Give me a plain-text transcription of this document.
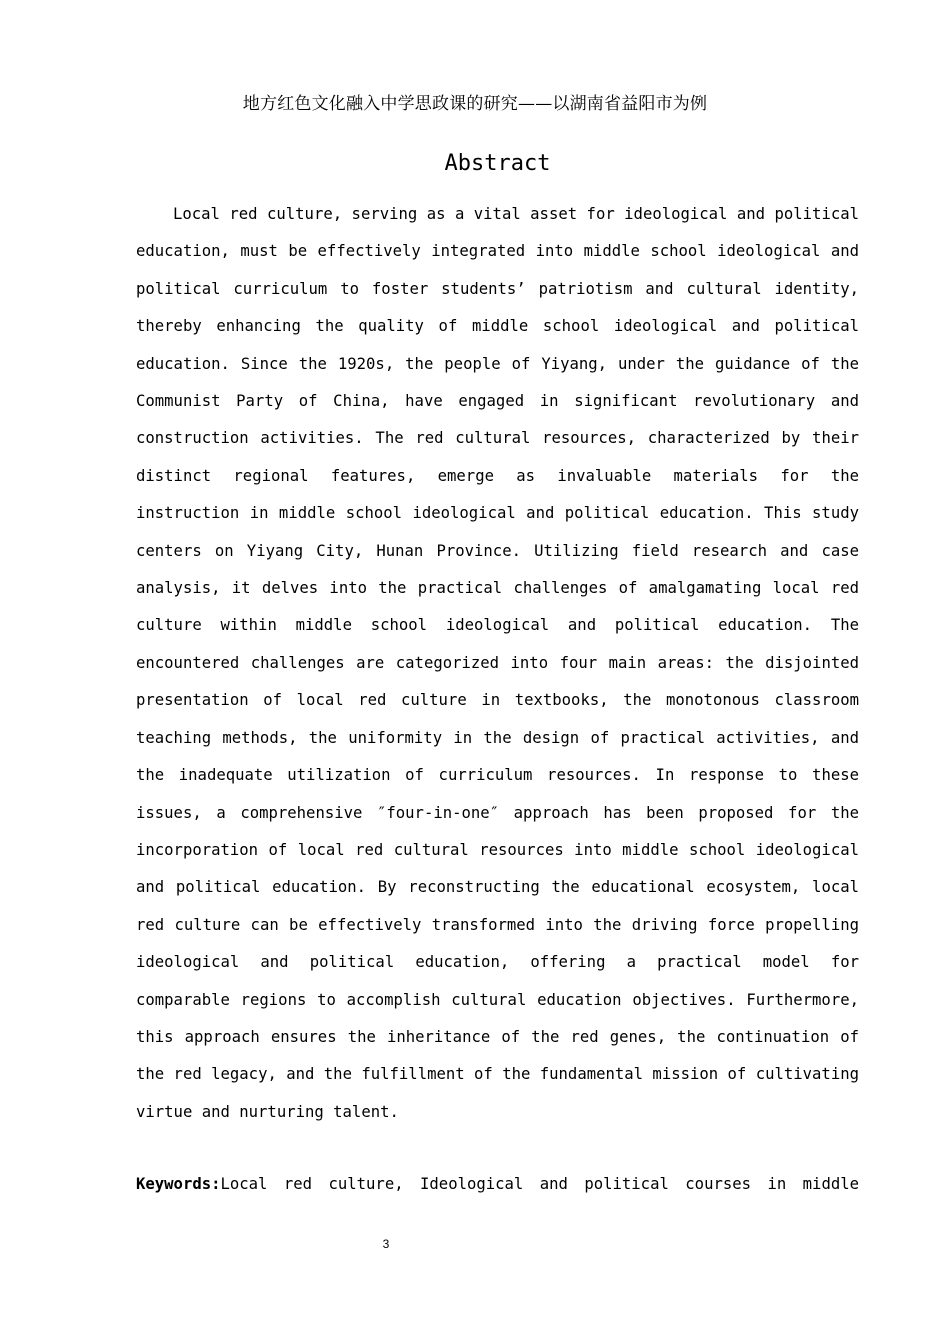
地方红色文化融入中学思政课的研究——以湖南省益阳市为例
Abstract

Local red culture, serving as a vital asset for ideological and political education, must be effectively integrated into middle school ideological and political curriculum to foster students’ patriotism and cultural identity, thereby enhancing the quality of middle school ideological and political education. Since the 1920s, the people of Yiyang, under the guidance of the Communist Party of China, have engaged in significant revolutionary and construction activities. The red cultural resources, characterized by their distinct regional features, emerge as invaluable materials for the instruction in middle school ideological and political education. This study centers on Yiyang City, Hunan Province. Utilizing field research and case analysis, it delves into the practical challenges of amalgamating local red culture within middle school ideological and political education. The encountered challenges are categorized into four main areas: the disjointed presentation of local red culture in textbooks, the monotonous classroom teaching methods, the uniformity in the design of practical activities, and the inadequate utilization of curriculum resources. In response to these issues, a comprehensive ″four-in-one″ approach has been proposed for the incorporation of local red cultural resources into middle school ideological and political education. By reconstructing the educational ecosystem, local red culture can be effectively transformed into the driving force propelling ideological and political education, offering a practical model for comparable regions to accomplish cultural education objectives. Furthermore, this approach ensures the inheritance of the red genes, the continuation of the red legacy, and the fulfillment of the fundamental mission of cultivating virtue and nurturing talent.

Keywords:Local red culture, Ideological and political courses in middle

3
